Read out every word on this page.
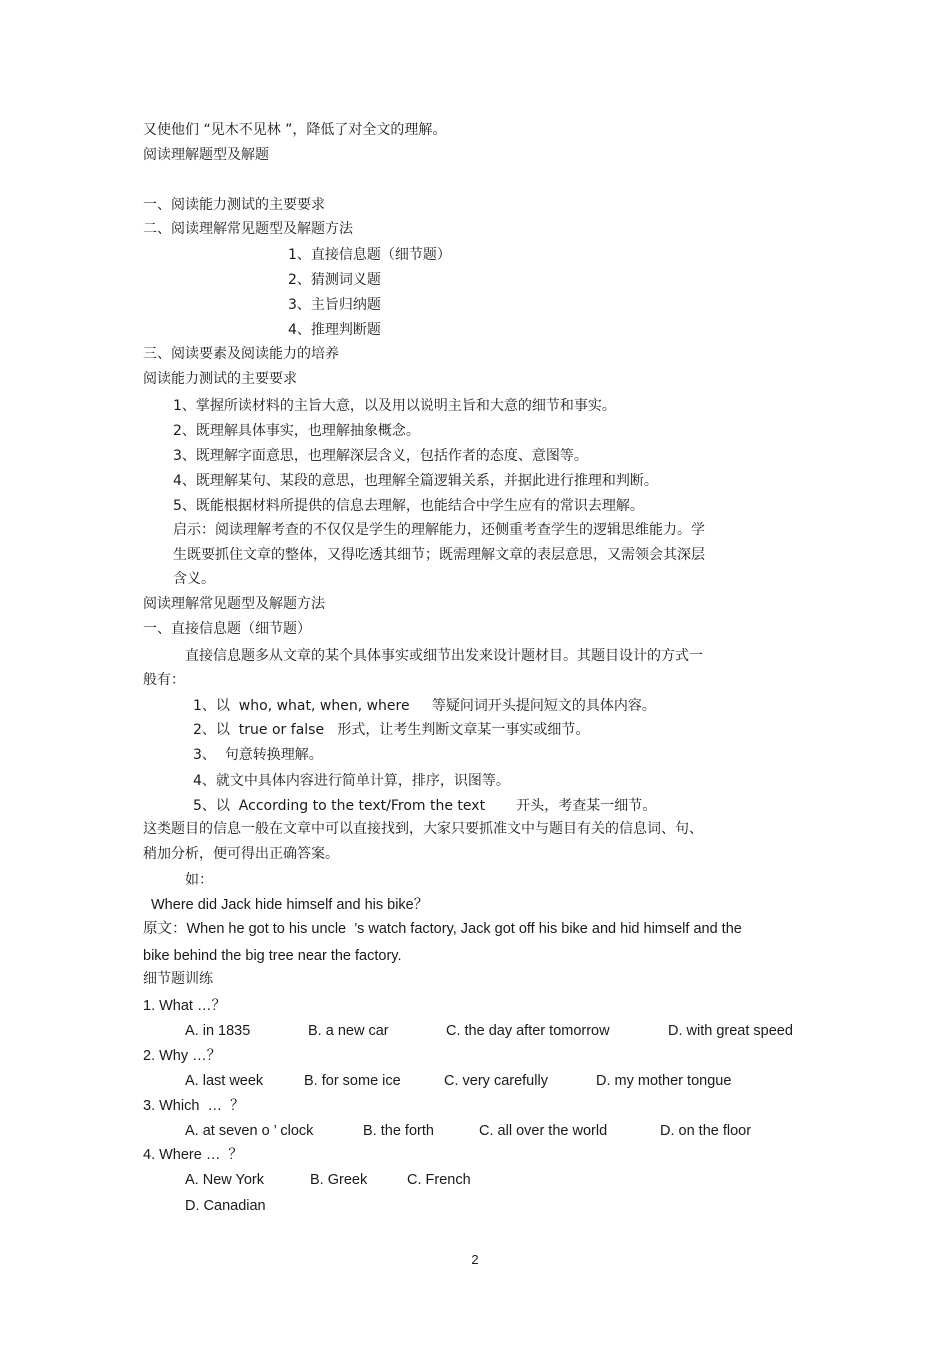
又使他们 “见木不见林 ”，降低了对全文的理解。
阅读理解题型及解题
一、阅读能力测试的主要要求
二、阅读理解常见题型及解题方法
1、直接信息题（细节题）
2、猜测词义题
3、主旨归纳题
4、推理判断题
三、阅读要素及阅读能力的培养
阅读能力测试的主要要求
1、掌握所读材料的主旨大意，以及用以说明主旨和大意的细节和事实。
2、既理解具体事实，也理解抽象概念。
3、既理解字面意思，也理解深层含义，包括作者的态度、意图等。
4、既理解某句、某段的意思，也理解全篇逻辑关系，并据此进行推理和判断。
5、既能根据材料所提供的信息去理解，也能结合中学生应有的常识去理解。
启示：阅读理解考查的不仅仅是学生的理解能力，还侧重考查学生的逻辑思维能力。学
生既要抓住文章的整体，又得吃透其细节；既需理解文章的表层意思，又需领会其深层
含义。
阅读理解常见题型及解题方法
一、直接信息题（细节题）
直接信息题多从文章的某个具体事实或细节出发来设计题材目。其题目设计的方式一
般有：
1、以  who, what, when, where     等疑问词开头提问短文的具体内容。
2、以  true or false   形式，让考生判断文章某一事实或细节。
3、  句意转换理解。
4、就文中具体内容进行简单计算，排序，识图等。
5、以  According to the text/From the text       开头，考查某一细节。
这类题目的信息一般在文章中可以直接找到，大家只要抓准文中与题目有关的信息词、句、
稍加分析，便可得出正确答案。
如：
Where did Jack hide himself and his bike？
原文：When he got to his uncle  ’s watch factory, Jack got off his bike and hid himself and the
bike behind the big tree near the factory.
细节题训练
1. What …？
A. in 1835	B. a new car	C. the day after tomorrow	D. with great speed
2. Why …？
A. last week	B. for some ice	C. very carefully	D. my mother tongue
3. Which  …  ？
A. at seven o ’ clock	B. the forth	C. all over the world	D. on the floor
4. Where …  ？
A. New York	B. Greek	C. French
D. Canadian
2
